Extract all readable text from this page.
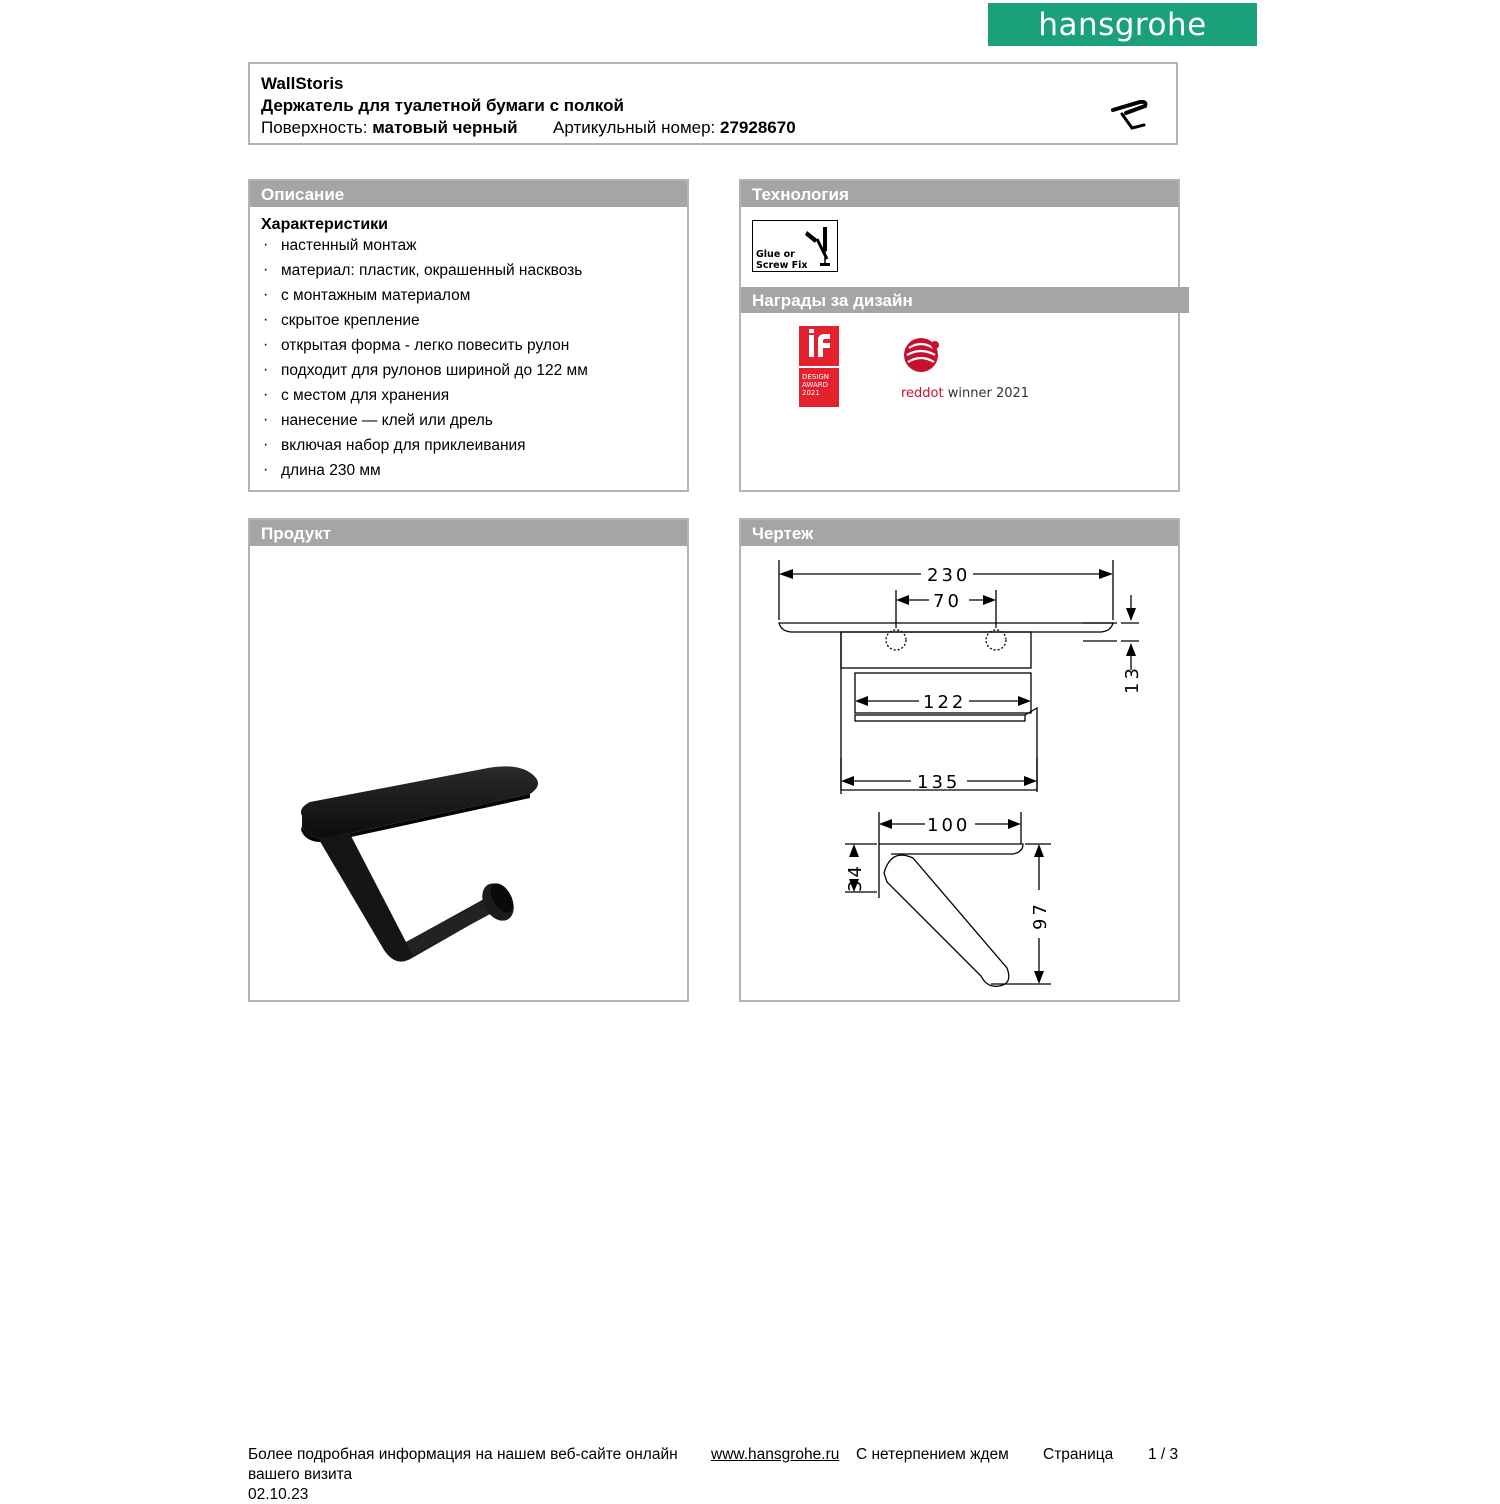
hansgrohe
WallStoris
Держатель для туалетной бумаги с полкой
Поверхность: матовый черный Артикульный номер: 27928670
Описание
Характеристики
· настенный монтаж
· материал: пластик, окрашенный насквозь
· с монтажным материалом
· скрытое крепление
· открытая форма - легко повесить рулон
· подходит для рулонов шириной до 122 мм
· с местом для хранения
· нанесение — клей или дрель
· включая набор для приклеивания
· длина 230 мм
Технология
Glue or
Screw Fix
Награды за дизайн
DESIGN
AWARD
2021	reddot winner 2021
Продукт	Чертеж
230
70
122
135
100
13
34
97
Более подробная информация на нашем веб-сайте онлайн www.hansgrohe.ru С нетерпением ждем
вашего визита
Страница 1 / 3
02.10.23
